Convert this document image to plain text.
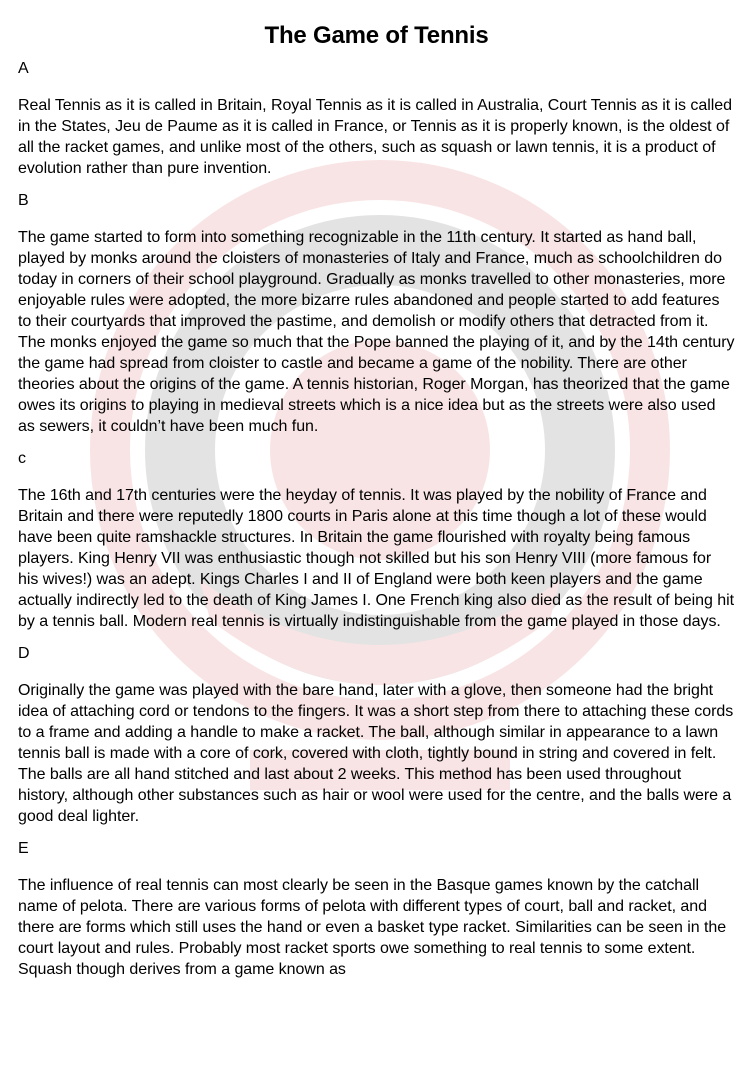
The Game of Tennis
A

Real Tennis as it is called in Britain, Royal Tennis as it is called in Australia, Court Tennis as it is called in the States, Jeu de Paume as it is called in France, or Tennis as it is properly known, is the oldest of all the racket games, and unlike most of the others, such as squash or lawn tennis, it is a product of evolution rather than pure invention.

B

The game started to form into something recognizable in the 11th century. It started as hand ball, played by monks around the cloisters of monasteries of Italy and France, much as schoolchildren do today in corners of their school playground. Gradually as monks travelled to other monasteries, more enjoyable rules were adopted, the more bizarre rules abandoned and people started to add features to their courtyards that improved the pastime, and demolish or modify others that detracted from it. The monks enjoyed the game so much that the Pope banned the playing of it, and by the 14th century the game had spread from cloister to castle and became a game of the nobility. There are other theories about the origins of the game. A tennis historian, Roger Morgan, has theorized that the game owes its origins to playing in medieval streets which is a nice idea but as the streets were also used as sewers, it couldn’t have been much fun.

c

The 16th and 17th centuries were the heyday of tennis. It was played by the nobility of France and Britain and there were reputedly 1800 courts in Paris alone at this time though a lot of these would have been quite ramshackle structures. In Britain the game flourished with royalty being famous players. King Henry VII was enthusiastic though not skilled but his son Henry VIII (more famous for his wives!) was an adept. Kings Charles I and II of England were both keen players and the game actually indirectly led to the death of King James I. One French king also died as the result of being hit by a tennis ball. Modern real tennis is virtually indistinguishable from the game played in those days.

D

Originally the game was played with the bare hand, later with a glove, then someone had the bright idea of attaching cord or tendons to the fingers. It was a short step from there to attaching these cords to a frame and adding a handle to make a racket. The ball, although similar in appearance to a lawn tennis ball is made with a core of cork, covered with cloth, tightly bound in string and covered in felt. The balls are all hand stitched and last about 2 weeks. This method has been used throughout history, although other substances such as hair or wool were used for the centre, and the balls were a good deal lighter.

E

The influence of real tennis can most clearly be seen in the Basque games known by the catchall name of pelota. There are various forms of pelota with different types of court, ball and racket, and there are forms which still uses the hand or even a basket type racket. Similarities can be seen in the court layout and rules. Probably most racket sports owe something to real tennis to some extent. Squash though derives from a game known as
